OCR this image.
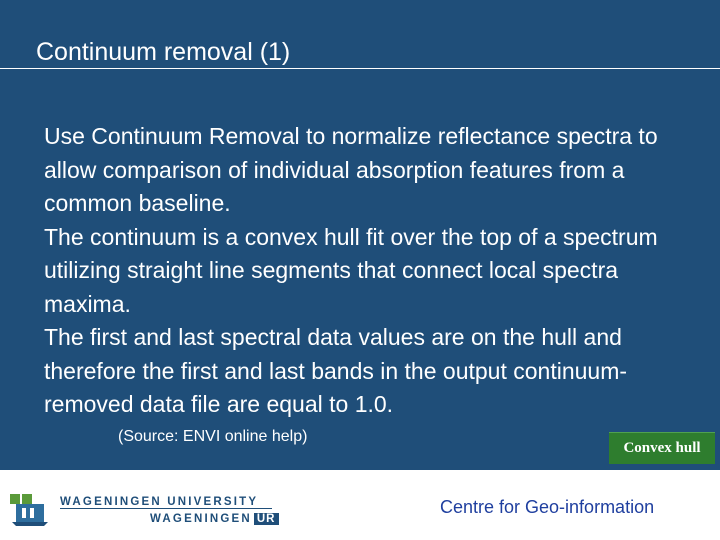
Continuum removal (1)

Use Continuum Removal to normalize reflectance spectra to allow comparison of individual absorption features from a common baseline.

The continuum is a convex hull fit over the top of a spectrum utilizing straight line segments that connect local spectra maxima.

The first and last spectral data values are on the hull and therefore the first and last bands in the output continuum-removed data file are equal to 1.0.

(Source: ENVI online help)
Convex hull
WAGENINGEN UNIVERSITY
WAGENINGEN UR
Centre for Geo-information
